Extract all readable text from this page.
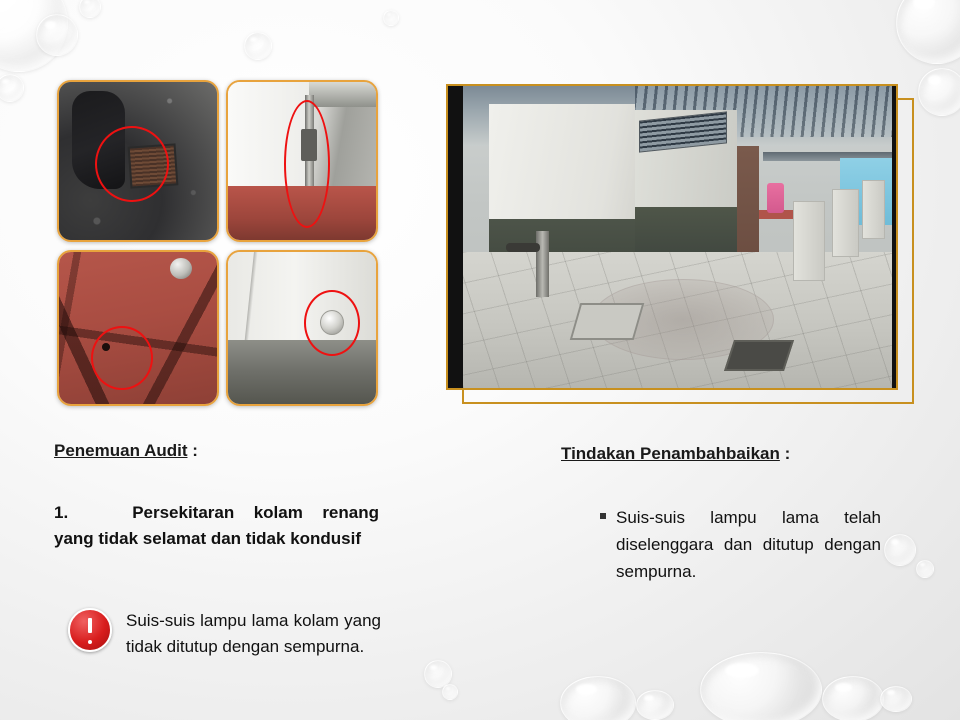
Penemuan Audit :
1.	Persekitaran kolam renang yang tidak selamat dan tidak kondusif
Suis-suis lampu lama kolam yang tidak ditutup dengan sempurna.
Tindakan Penambahbaikan :
Suis-suis lampu lama telah diselenggara dan ditutup dengan sempurna.
